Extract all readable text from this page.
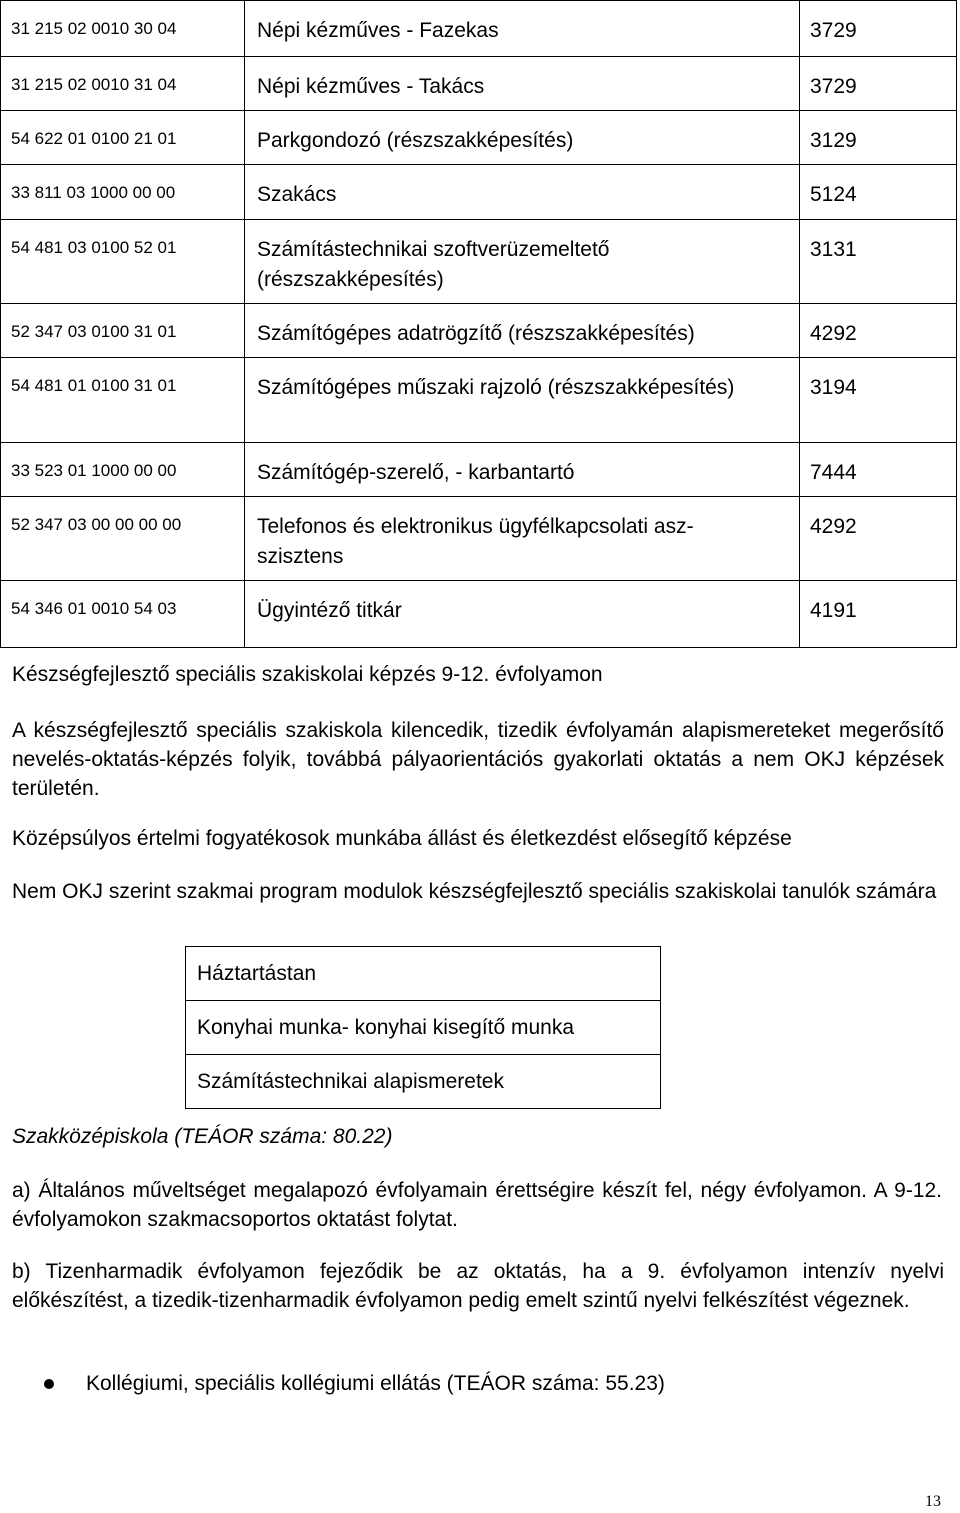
31 215 02 0010 30 04	Népi kézműves - Fazekas	3729
31 215 02 0010 31 04	Népi kézműves - Takács	3729
54 622 01 0100 21 01	Parkgondozó (részszakképesítés)	3129
33 811 03 1000 00 00	Szakács	5124
54 481 03 0100 52 01	Számítástechnikai szoftverüzemeltető (részszakképesítés)	3131
52 347 03 0100 31 01	Számítógépes adatrögzítő (részszakképesítés)	4292
54 481 01 0100 31 01	Számítógépes műszaki rajzoló (részszakképesítés)	3194
33 523 01 1000 00 00	Számítógép-szerelő, - karbantartó	7444
52 347 03 00 00 00 00	Telefonos és elektronikus ügyfélkapcsolati asz-szisztens	4292
54 346 01 0010 54 03	Ügyintéző titkár	4191

Készségfejlesztő speciális szakiskolai képzés 9-12. évfolyamon

A készségfejlesztő speciális szakiskola kilencedik, tizedik évfolyamán alapismereteket megerősítő nevelés-oktatás-képzés folyik, továbbá pályaorientációs gyakorlati oktatás a nem OKJ képzések területén.

Középsúlyos értelmi fogyatékosok munkába állást és életkezdést elősegítő képzése

Nem OKJ szerint szakmai program modulok készségfejlesztő speciális szakiskolai tanulók számára

Háztartástan
Konyhai munka- konyhai kisegítő munka
Számítástechnikai alapismeretek

Szakközépiskola (TEÁOR száma: 80.22)

a) Általános műveltséget megalapozó évfolyamain érettségire készít fel, négy évfolyamon. A 9-12. évfolyamokon szakmacsoportos oktatást folytat.

b) Tizenharmadik évfolyamon fejeződik be az oktatás, ha a 9. évfolyamon intenzív nyelvi előkészítést, a tizedik-tizenharmadik évfolyamon pedig emelt szintű nyelvi felkészítést végeznek.

Kollégiumi, speciális kollégiumi ellátás (TEÁOR száma: 55.23)

13
